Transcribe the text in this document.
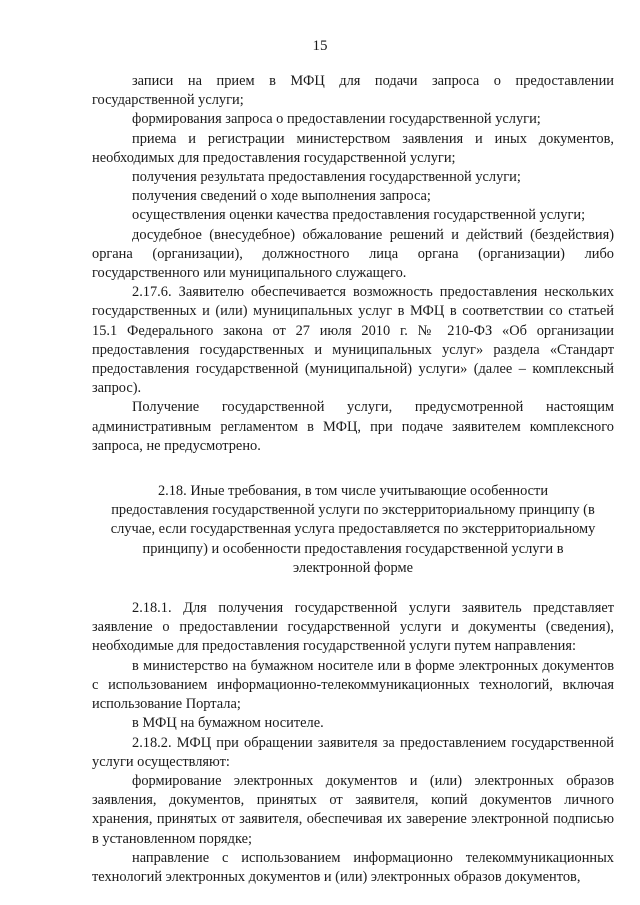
15

записи на прием в МФЦ для подачи запроса о предоставлении государственной услуги;

формирования запроса о предоставлении государственной услуги;

приема и регистрации министерством заявления и иных документов, необходимых для предоставления государственной услуги;

получения результата предоставления государственной услуги;

получения сведений о ходе выполнения запроса;

осуществления оценки качества предоставления государственной услуги;

досудебное (внесудебное) обжалование решений и действий (бездействия) органа (организации), должностного лица органа (организации) либо государственного или муниципального служащего.

2.17.6. Заявителю обеспечивается возможность предоставления нескольких государственных и (или) муниципальных услуг в МФЦ в соответствии со статьей 15.1 Федерального закона от 27 июля 2010 г. № 210-ФЗ «Об организации предоставления государственных и муниципальных услуг» раздела «Стандарт предоставления государственной (муниципальной) услуги» (далее – комплексный запрос).

Получение государственной услуги, предусмотренной настоящим административным регламентом в МФЦ, при подаче заявителем комплексного запроса, не предусмотрено.

2.18. Иные требования, в том числе учитывающие особенности предоставления государственной услуги по экстерриториальному принципу (в случае, если государственная услуга предоставляется по экстерриториальному принципу) и особенности предоставления государственной услуги в электронной форме

2.18.1. Для получения государственной услуги заявитель представляет заявление о предоставлении государственной услуги и документы (сведения), необходимые для предоставления государственной услуги путем направления:

в министерство на бумажном носителе или в форме электронных документов с использованием информационно-телекоммуникационных технологий, включая использование Портала;

в МФЦ на бумажном носителе.

2.18.2. МФЦ при обращении заявителя за предоставлением государственной услуги осуществляют:

формирование электронных документов и (или) электронных образов заявления, документов, принятых от заявителя, копий документов личного хранения, принятых от заявителя, обеспечивая их заверение электронной подписью в установленном порядке;

направление с использованием информационно телекоммуникационных технологий электронных документов и (или) электронных образов документов,
